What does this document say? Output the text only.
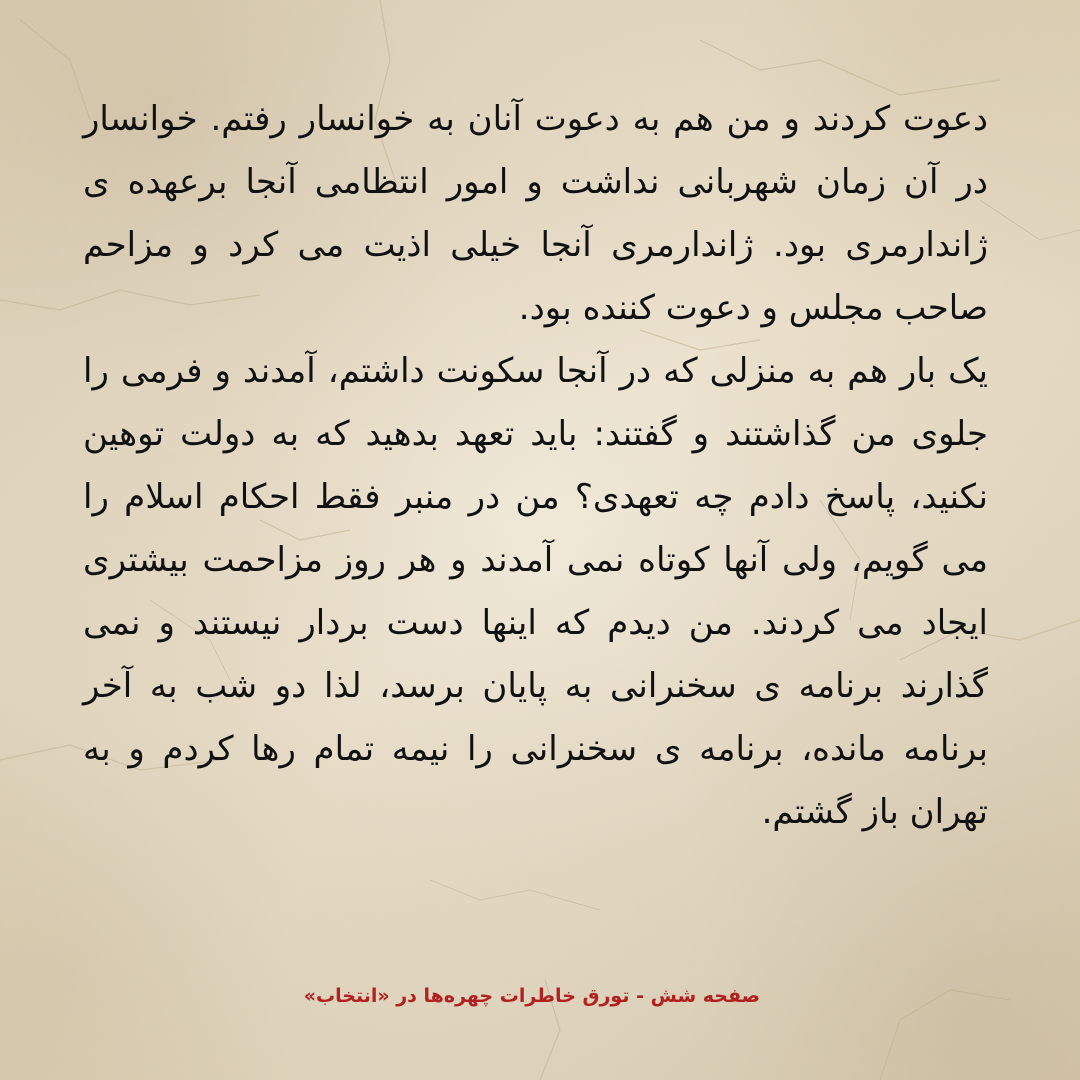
دعوت کردند و من هم به دعوت آنان به خوانسار رفتم. خوانسار در آن زمان شهربانی نداشت و امور انتظامی آنجا برعهده ی ژاندارمری بود. ژاندارمری آنجا خیلی اذیت می کرد و مزاحم صاحب مجلس و دعوت کننده بود.

یک بار هم به منزلی که در آنجا سکونت داشتم، آمدند و فرمی را جلوی من گذاشتند و گفتند: باید تعهد بدهید که به دولت توهین نکنید، پاسخ دادم چه تعهدی؟ من در منبر فقط احکام اسلام را می گویم، ولی آنها کوتاه نمی آمدند و هر روز مزاحمت بیشتری ایجاد می کردند. من دیدم که اینها دست بردار نیستند و نمی گذارند برنامه ی سخنرانی به پایان برسد، لذا دو شب به آخر برنامه مانده، برنامه ی سخنرانی را نیمه تمام رها کردم و به تهران باز گشتم.

صفحه شش - تورق خاطرات چهره‌ها در «انتخاب»
